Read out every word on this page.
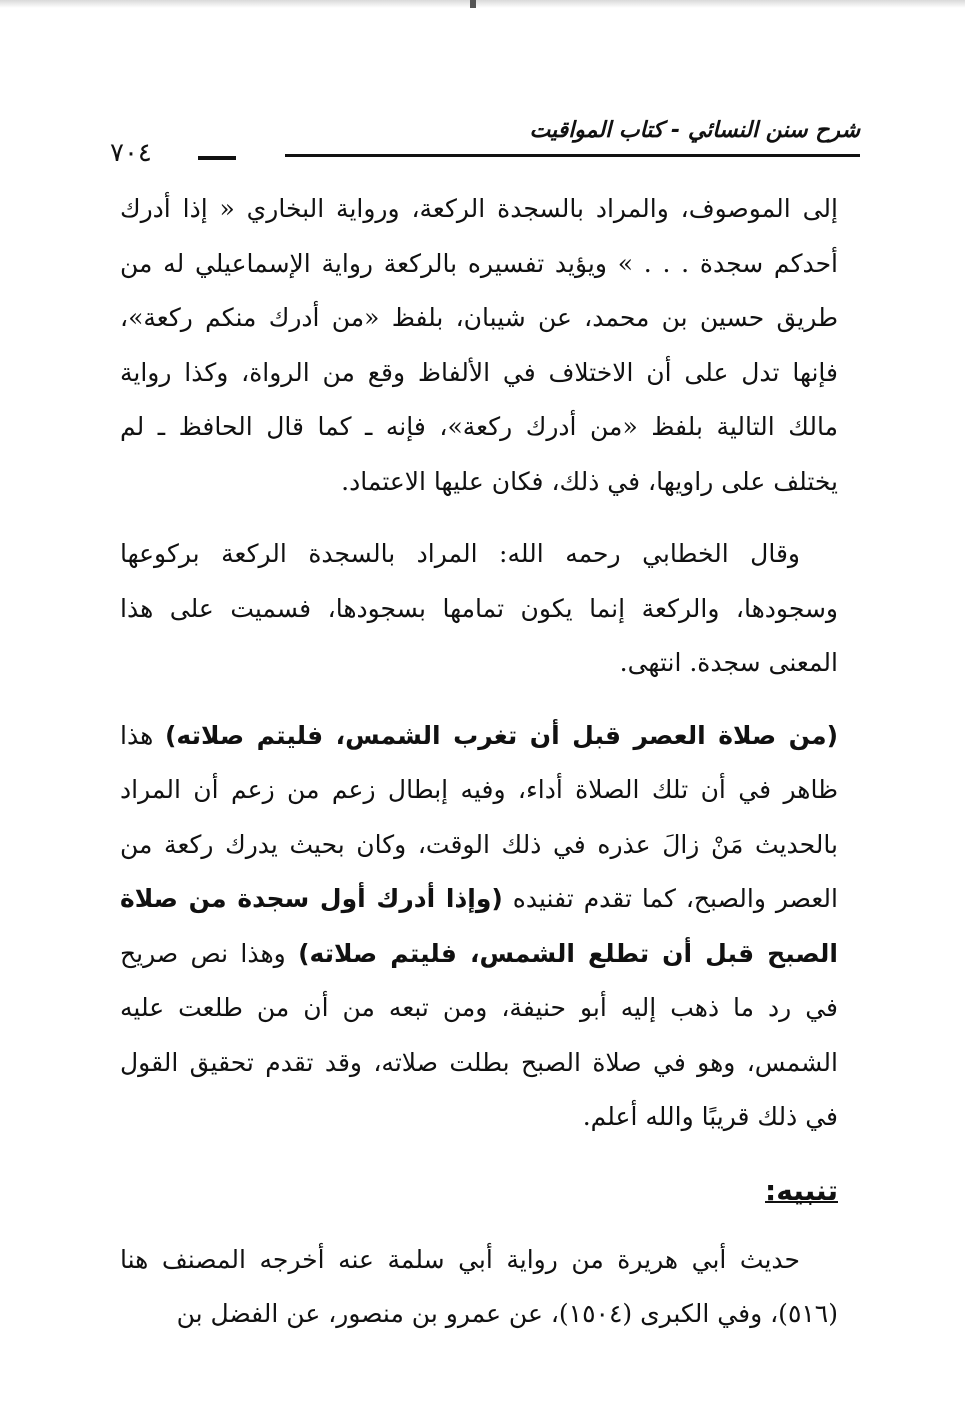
شرح سنن النسائي - كتاب المواقيت
٧٠٤

إلى الموصوف، والمراد بالسجدة الركعة، ورواية البخاري « إذا أدرك أحدكم سجدة . . . » ويؤيد تفسيره بالركعة رواية الإسماعيلي له من طريق حسين بن محمد، عن شيبان، بلفظ «من أدرك منكم ركعة»، فإنها تدل على أن الاختلاف في الألفاظ وقع من الرواة، وكذا رواية مالك التالية بلفظ «من أدرك ركعة»، فإنه ـ كما قال الحافظ ـ لم يختلف على راويها، في ذلك، فكان عليها الاعتماد.

وقال الخطابي رحمه الله: المراد بالسجدة الركعة بركوعها وسجودها، والركعة إنما يكون تمامها بسجودها، فسميت على هذا المعنى سجدة. انتهى.

(من صلاة العصر قبل أن تغرب الشمس، فليتم صلاته) هذا ظاهر في أن تلك الصلاة أداء، وفيه إبطال زعم من زعم أن المراد بالحديث مَنْ زالَ عذره في ذلك الوقت، وكان بحيث يدرك ركعة من العصر والصبح، كما تقدم تفنيده (وإذا أدرك أول سجدة من صلاة الصبح قبل أن تطلع الشمس، فليتم صلاته) وهذا نص صريح في رد ما ذهب إليه أبو حنيفة، ومن تبعه من أن من طلعت عليه الشمس، وهو في صلاة الصبح بطلت صلاته، وقد تقدم تحقيق القول في ذلك قريبًا والله أعلم.

تنبيه:

حديث أبي هريرة من رواية أبي سلمة عنه أخرجه المصنف هنا (٥١٦)، وفي الكبرى (١٥٠٤)، عن عمرو بن منصور، عن الفضل بن
